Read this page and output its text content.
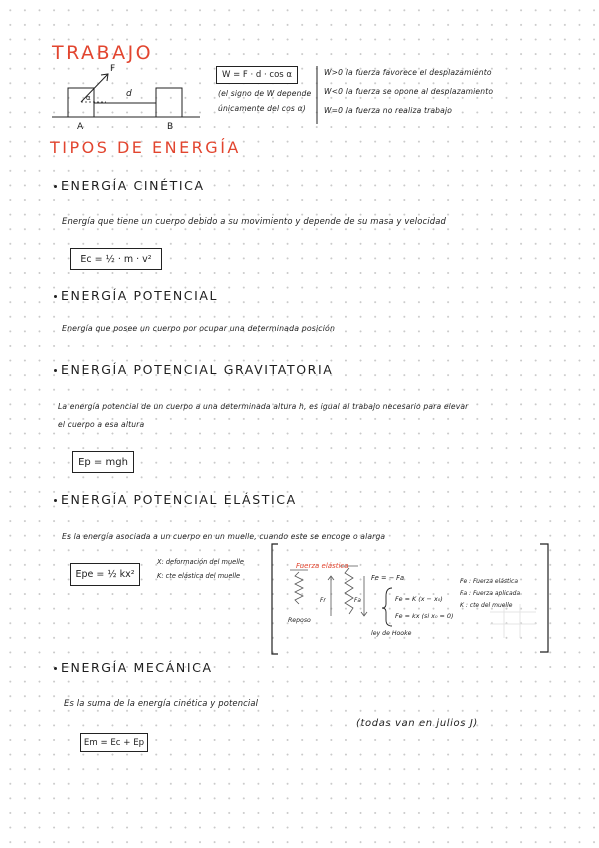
TRABAJO
F
α	d
A	B
W = F · d · cos α
(el signo de W depende
únicamente del cos α)
W>0 la fuerza favorece el desplazamiento
W<0 la fuerza se opone al desplazamiento
W=0 la fuerza no realiza trabajo
TIPOS DE ENERGÍA
ENERGÍA CINÉTICA
Energía que tiene un cuerpo debido a su movimiento y depende de su masa y velocidad
Ec = ½ · m · v²
ENERGÍA POTENCIAL
Energía que posee un cuerpo por ocupar una determinada posición
ENERGÍA POTENCIAL GRAVITATORIA
La energía potencial de un cuerpo a una determinada altura h, es igual al trabajo necesario para elevar
el cuerpo a esa altura
Ep = mgh
ENERGÍA POTENCIAL ELÁSTICA
Es la energía asociada a un cuerpo en un muelle, cuando este se encoge o alarga
Epe = ½ kx²
X: deformación del muelle
K: cte elástica del muelle
Fuerza elástica
Reposo
Fr	Fa
Fe = − Fa
Fe = K (x − x₀)
Fe = kx (si x₀ = 0)
ley de Hooke
Fe : Fuerza elástica
Fa : Fuerza aplicada
K : cte del muelle
ENERGÍA MECÁNICA
Es la suma de la energía cinética y potencial
(todas van en julios J)
Em = Ec + Ep
